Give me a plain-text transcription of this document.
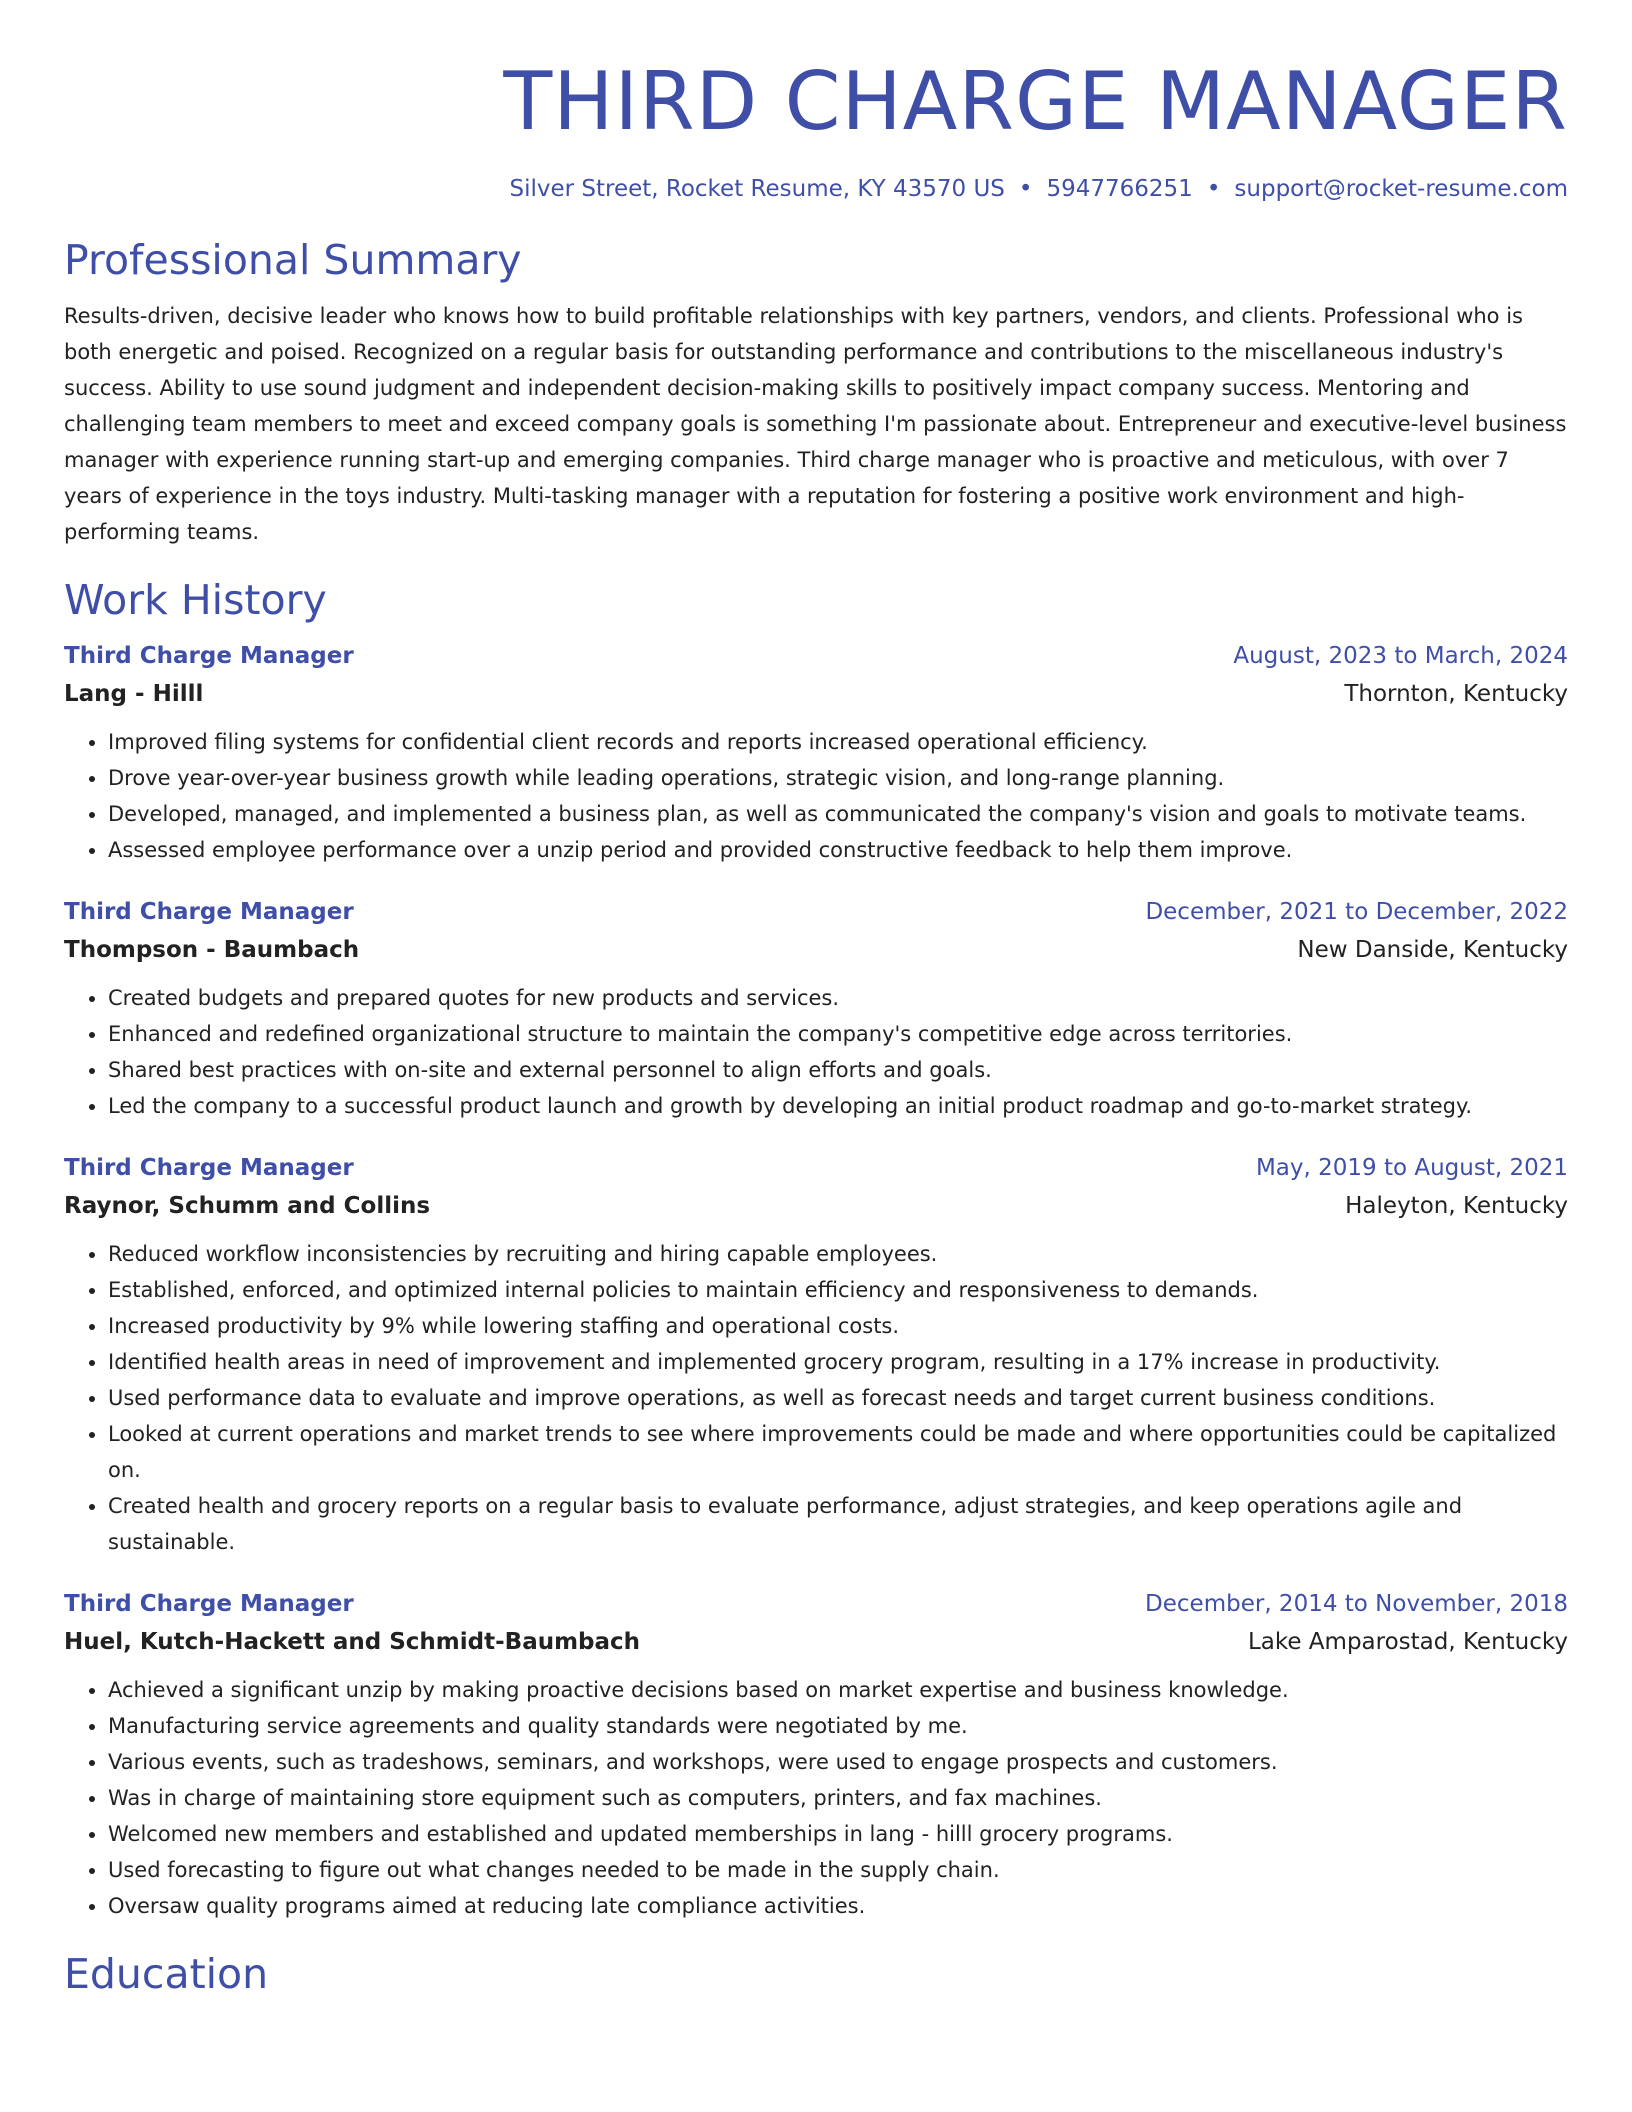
THIRD CHARGE MANAGER
Silver Street, Rocket Resume, KY 43570 US • 5947766251 • support@rocket-resume.com
Professional Summary

Results-driven, decisive leader who knows how to build profitable relationships with key partners, vendors, and clients. Professional who is both energetic and poised. Recognized on a regular basis for outstanding performance and contributions to the miscellaneous industry's success. Ability to use sound judgment and independent decision-making skills to positively impact company success. Mentoring and challenging team members to meet and exceed company goals is something I'm passionate about. Entrepreneur and executive-level business manager with experience running start-up and emerging companies. Third charge manager who is proactive and meticulous, with over 7 years of experience in the toys industry. Multi-tasking manager with a reputation for fostering a positive work environment and high-performing teams.

Work History
Third Charge Manager	August, 2023 to March, 2024
Lang - Hilll	Thornton, Kentucky
• Improved filing systems for confidential client records and reports increased operational efficiency.
• Drove year-over-year business growth while leading operations, strategic vision, and long-range planning.
• Developed, managed, and implemented a business plan, as well as communicated the company's vision and goals to motivate teams.
• Assessed employee performance over a unzip period and provided constructive feedback to help them improve.
Third Charge Manager	December, 2021 to December, 2022
Thompson - Baumbach	New Danside, Kentucky
• Created budgets and prepared quotes for new products and services.
• Enhanced and redefined organizational structure to maintain the company's competitive edge across territories.
• Shared best practices with on-site and external personnel to align efforts and goals.
• Led the company to a successful product launch and growth by developing an initial product roadmap and go-to-market strategy.
Third Charge Manager	May, 2019 to August, 2021
Raynor, Schumm and Collins	Haleyton, Kentucky
• Reduced workflow inconsistencies by recruiting and hiring capable employees.
• Established, enforced, and optimized internal policies to maintain efficiency and responsiveness to demands.
• Increased productivity by 9% while lowering staffing and operational costs.
• Identified health areas in need of improvement and implemented grocery program, resulting in a 17% increase in productivity.
• Used performance data to evaluate and improve operations, as well as forecast needs and target current business conditions.
• Looked at current operations and market trends to see where improvements could be made and where opportunities could be capitalized on.
• Created health and grocery reports on a regular basis to evaluate performance, adjust strategies, and keep operations agile and sustainable.
Third Charge Manager	December, 2014 to November, 2018
Huel, Kutch-Hackett and Schmidt-Baumbach	Lake Amparostad, Kentucky
• Achieved a significant unzip by making proactive decisions based on market expertise and business knowledge.
• Manufacturing service agreements and quality standards were negotiated by me.
• Various events, such as tradeshows, seminars, and workshops, were used to engage prospects and customers.
• Was in charge of maintaining store equipment such as computers, printers, and fax machines.
• Welcomed new members and established and updated memberships in lang - hilll grocery programs.
• Used forecasting to figure out what changes needed to be made in the supply chain.
• Oversaw quality programs aimed at reducing late compliance activities.
Education
